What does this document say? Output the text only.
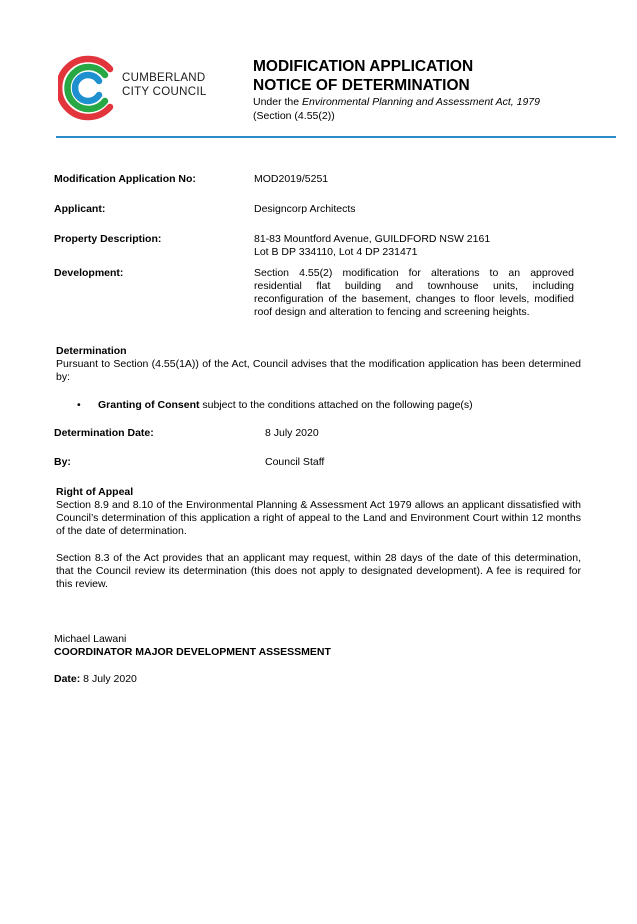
CUMBERLAND
CITY COUNCIL
MODIFICATION APPLICATION
NOTICE OF DETERMINATION
Under the Environmental Planning and Assessment Act, 1979
(Section (4.55(2))
Modification Application No:	MOD2019/5251
Applicant:	Designcorp Architects
Property Description:	81-83 Mountford Avenue, GUILDFORD NSW 2161
Lot B DP 334110, Lot 4 DP 231471
Development:	Section 4.55(2) modification for alterations to an approved residential flat building and townhouse units, including reconfiguration of the basement, changes to floor levels, modified roof design and alteration to fencing and screening heights.
Determination
Pursuant to Section (4.55(1A)) of the Act, Council advises that the modification application has been determined by:
• Granting of Consent subject to the conditions attached on the following page(s)
Determination Date:	8 July 2020
By:	Council Staff
Right of Appeal
Section 8.9 and 8.10 of the Environmental Planning & Assessment Act 1979 allows an applicant dissatisfied with Council’s determination of this application a right of appeal to the Land and Environment Court within 12 months of the date of determination.
Section 8.3 of the Act provides that an applicant may request, within 28 days of the date of this determination, that the Council review its determination (this does not apply to designated development). A fee is required for this review.
Michael Lawani
COORDINATOR MAJOR DEVELOPMENT ASSESSMENT
Date: 8 July 2020
